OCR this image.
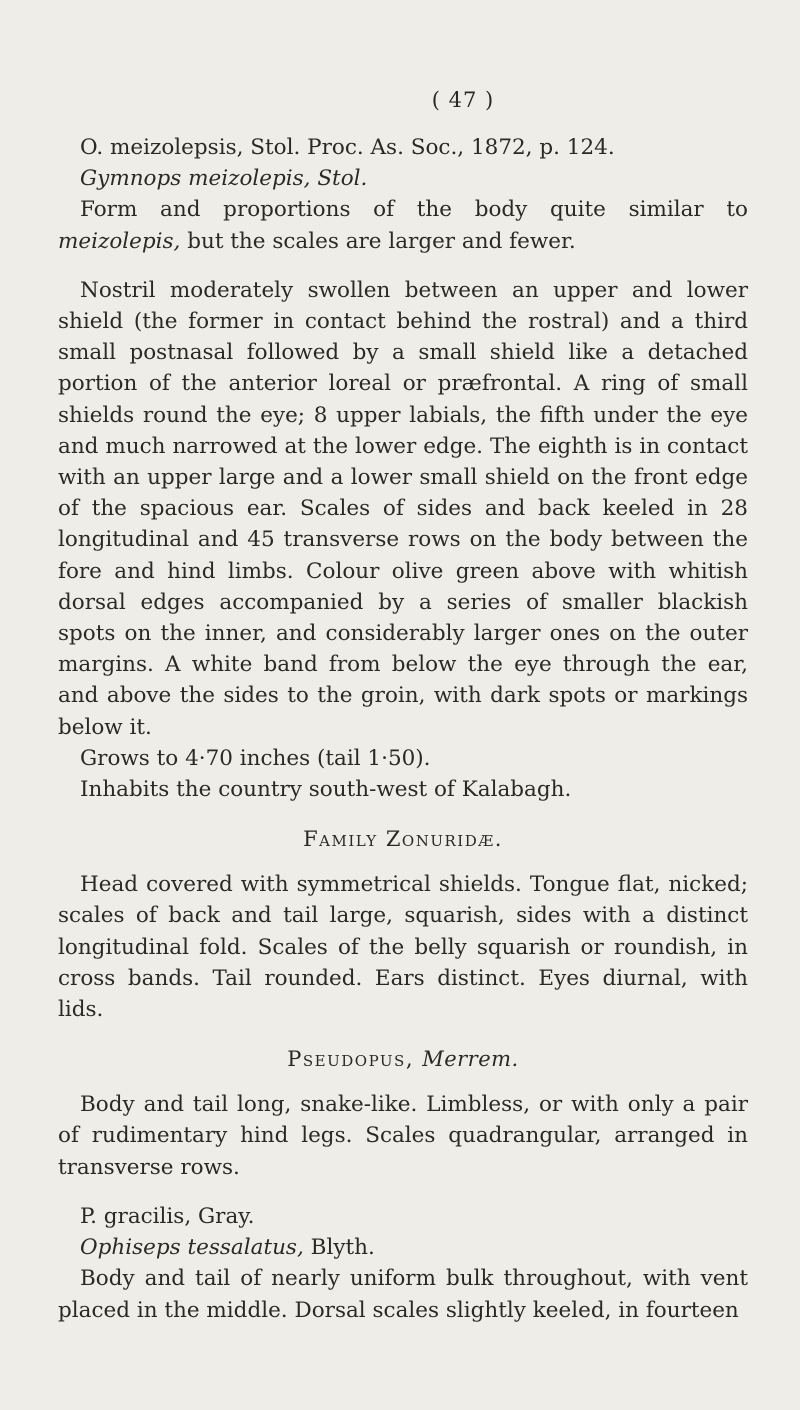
( 47 )

O. meizolepsis, Stol. Proc. As. Soc., 1872, p. 124.

Gymnops meizolepis, Stol.

Form and proportions of the body quite similar to meizolepis, but the scales are larger and fewer.

Nostril moderately swollen between an upper and lower shield (the former in contact behind the rostral) and a third small postnasal followed by a small shield like a detached portion of the anterior loreal or præfrontal. A ring of small shields round the eye; 8 upper labials, the fifth under the eye and much narrowed at the lower edge. The eighth is in contact with an upper large and a lower small shield on the front edge of the spacious ear. Scales of sides and back keeled in 28 longitudinal and 45 transverse rows on the body between the fore and hind limbs. Colour olive green above with whitish dorsal edges accompanied by a series of smaller blackish spots on the inner, and considerably larger ones on the outer margins. A white band from below the eye through the ear, and above the sides to the groin, with dark spots or markings below it.

Grows to 4·70 inches (tail 1·50).

Inhabits the country south-west of Kalabagh.

Family Zonuridæ.

Head covered with symmetrical shields. Tongue flat, nicked; scales of back and tail large, squarish, sides with a distinct longitudinal fold. Scales of the belly squarish or roundish, in cross bands. Tail rounded. Ears distinct. Eyes diurnal, with lids.

Pseudopus, Merrem.

Body and tail long, snake-like. Limbless, or with only a pair of rudimentary hind legs. Scales quadrangular, arranged in transverse rows.

P. gracilis, Gray.

Ophiseps tessalatus, Blyth.

Body and tail of nearly uniform bulk throughout, with vent placed in the middle. Dorsal scales slightly keeled, in fourteen
